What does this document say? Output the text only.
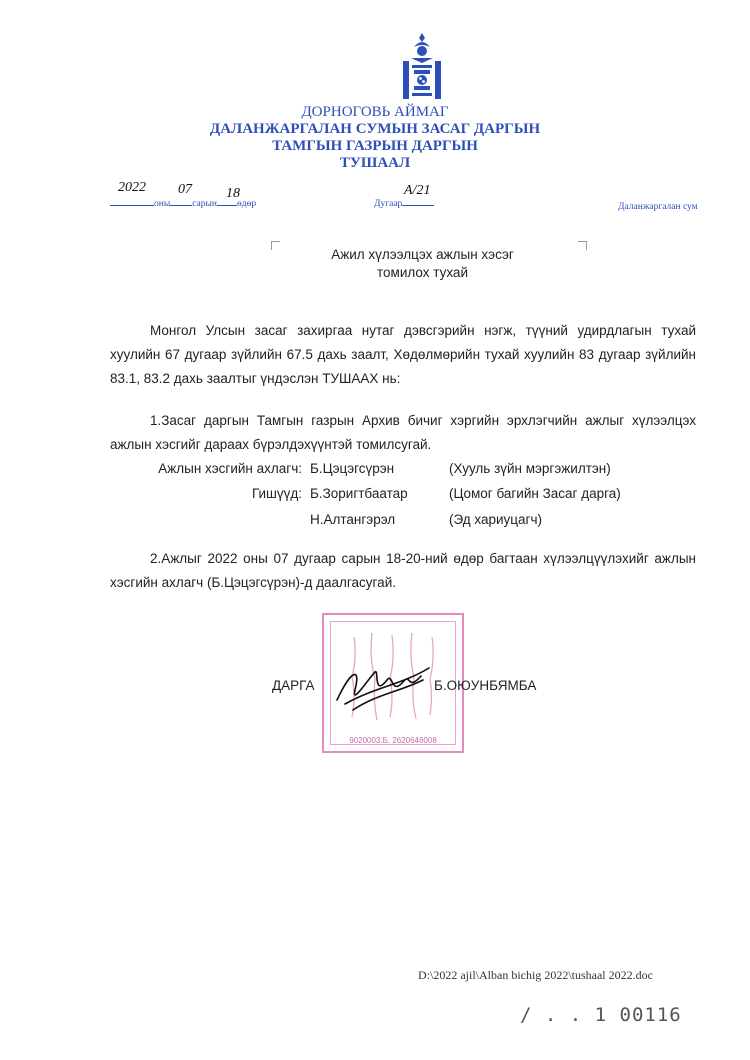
ДОРНОГОВЬ АЙМАГ
ДАЛАНЖАРГАЛАН СУМЫН ЗАСАГ ДАРГЫН
ТАМГЫН ГАЗРЫН ДАРГЫН
ТУШААЛ
2022 07 18
оны сарын өдөр
А/21
Дугаар	Даланжаргалан сум
Ажил хүлээлцэх ажлын хэсэг
томилох тухай
Монгол Улсын засаг захиргаа нутаг дэвсгэрийн нэгж, түүний удирдлагын тухай хуулийн 67 дугаар зүйлийн 67.5 дахь заалт, Хөдөлмөрийн тухай хуулийн 83 дугаар зүйлийн 83.1, 83.2 дахь заалтыг үндэслэн ТУШААХ нь:
1.Засаг даргын Тамгын газрын Архив бичиг хэргийн эрхлэгчийн ажлыг хүлээлцэх ажлын хэсгийг дараах бүрэлдэхүүнтэй томилсугай.
Ажлын хэсгийн ахлагч: Б.Цэцэгсүрэн	(Хууль зүйн мэргэжилтэн)
Гишүүд: Б.Зоригтбаатар	(Цомог багийн Засаг дарга)
Н.Алтангэрэл	(Эд хариуцагч)
2.Ажлыг 2022 оны 07 дугаар сарын 18-20-ний өдөр багтаан хүлээлцүүлэхийг ажлын хэсгийн ахлагч (Б.Цэцэгсүрэн)-д даалгасугай.
9020003.Б. 2620646008
ДАРГА	Б.ОЮУНБЯМБА
D:\2022 ajil\Alban bichig 2022\tushaal 2022.doc
/ . . 1 00116
